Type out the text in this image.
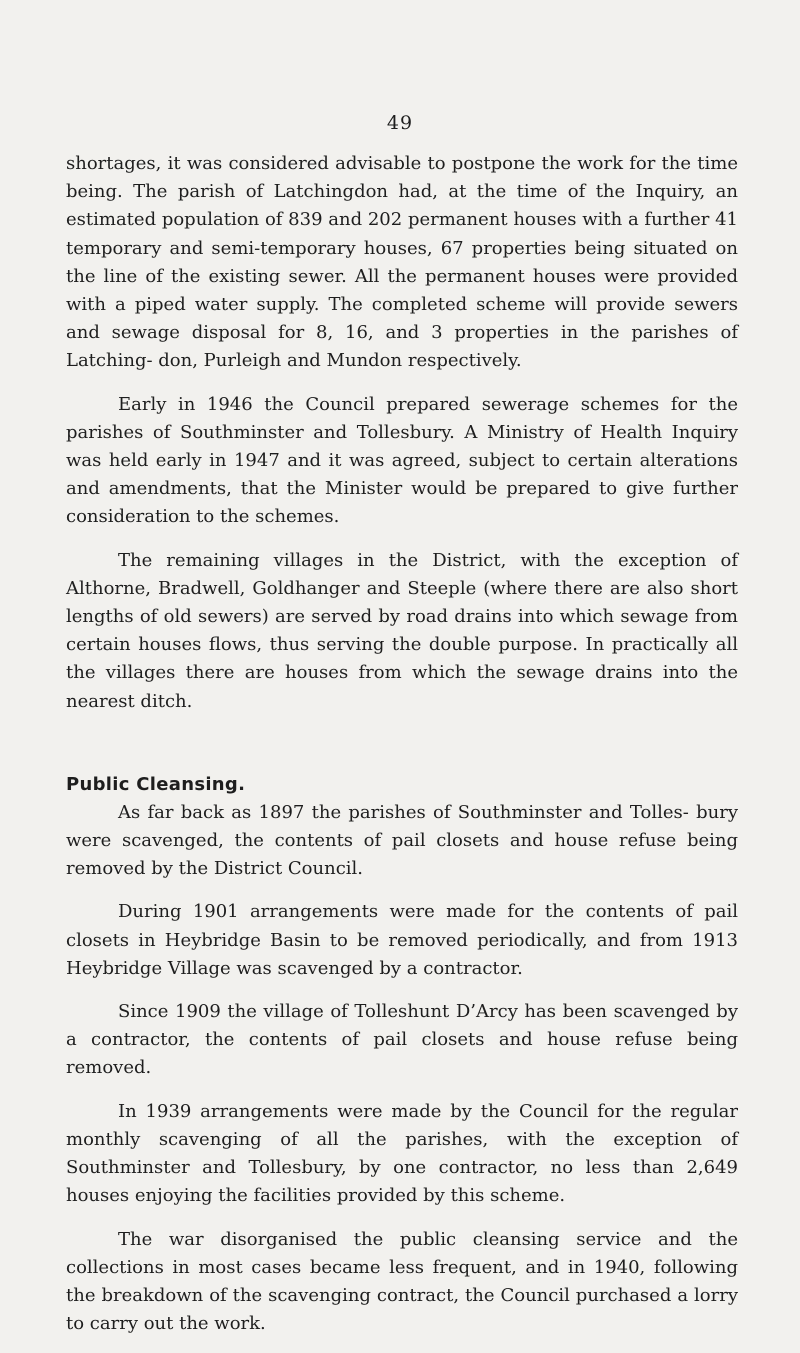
49

shortages, it was considered advisable to postpone the work for the time being. The parish of Latchingdon had, at the time of the Inquiry, an estimated population of 839 and 202 permanent houses with a further 41 temporary and semi-temporary houses, 67 properties being situated on the line of the existing sewer. All the permanent houses were provided with a piped water supply. The completed scheme will provide sewers and sewage disposal for 8, 16, and 3 properties in the parishes of Latching- don, Purleigh and Mundon respectively.

Early in 1946 the Council prepared sewerage schemes for the parishes of Southminster and Tollesbury. A Ministry of Health Inquiry was held early in 1947 and it was agreed, subject to certain alterations and amendments, that the Minister would be prepared to give further consideration to the schemes.

The remaining villages in the District, with the exception of Althorne, Bradwell, Goldhanger and Steeple (where there are also short lengths of old sewers) are served by road drains into which sewage from certain houses flows, thus serving the double purpose. In practically all the villages there are houses from which the sewage drains into the nearest ditch.

Public Cleansing.

As far back as 1897 the parishes of Southminster and Tolles- bury were scavenged, the contents of pail closets and house refuse being removed by the District Council.

During 1901 arrangements were made for the contents of pail closets in Heybridge Basin to be removed periodically, and from 1913 Heybridge Village was scavenged by a contractor.

Since 1909 the village of Tolleshunt D’Arcy has been scavenged by a contractor, the contents of pail closets and house refuse being removed.

In 1939 arrangements were made by the Council for the regular monthly scavenging of all the parishes, with the exception of Southminster and Tollesbury, by one contractor, no less than 2,649 houses enjoying the facilities provided by this scheme.

The war disorganised the public cleansing service and the collections in most cases became less frequent, and in 1940, following the breakdown of the scavenging contract, the Council purchased a lorry to carry out the work.
